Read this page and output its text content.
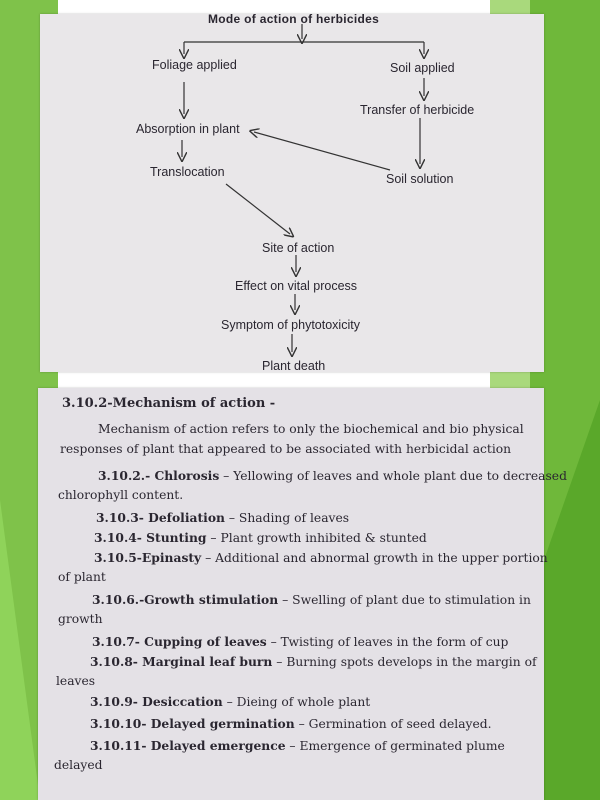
Mode of action of herbicides
Foliage applied	Soil applied
Transfer of herbicide
Absorption in plant
Translocation	Soil solution
Site of action
Effect on vital process
Symptom of phytotoxicity
Plant death
3.10.2-Mechanism of action -
Mechanism of action refers to only the biochemical and bio physical
responses of plant that appeared to be associated with herbicidal action
3.10.2.- Chlorosis – Yellowing of leaves and whole plant due to decreased
chlorophyll content.
3.10.3- Defoliation – Shading of leaves
3.10.4- Stunting – Plant growth inhibited & stunted
3.10.5-Epinasty – Additional and abnormal growth in the upper portion
of plant
3.10.6.-Growth stimulation – Swelling of plant due to stimulation in
growth
3.10.7- Cupping of leaves – Twisting of leaves in the form of cup
3.10.8- Marginal leaf burn – Burning spots develops in the margin of
leaves
3.10.9- Desiccation – Dieing of whole plant
3.10.10- Delayed germination – Germination of seed delayed.
3.10.11- Delayed emergence – Emergence of germinated plume
delayed
